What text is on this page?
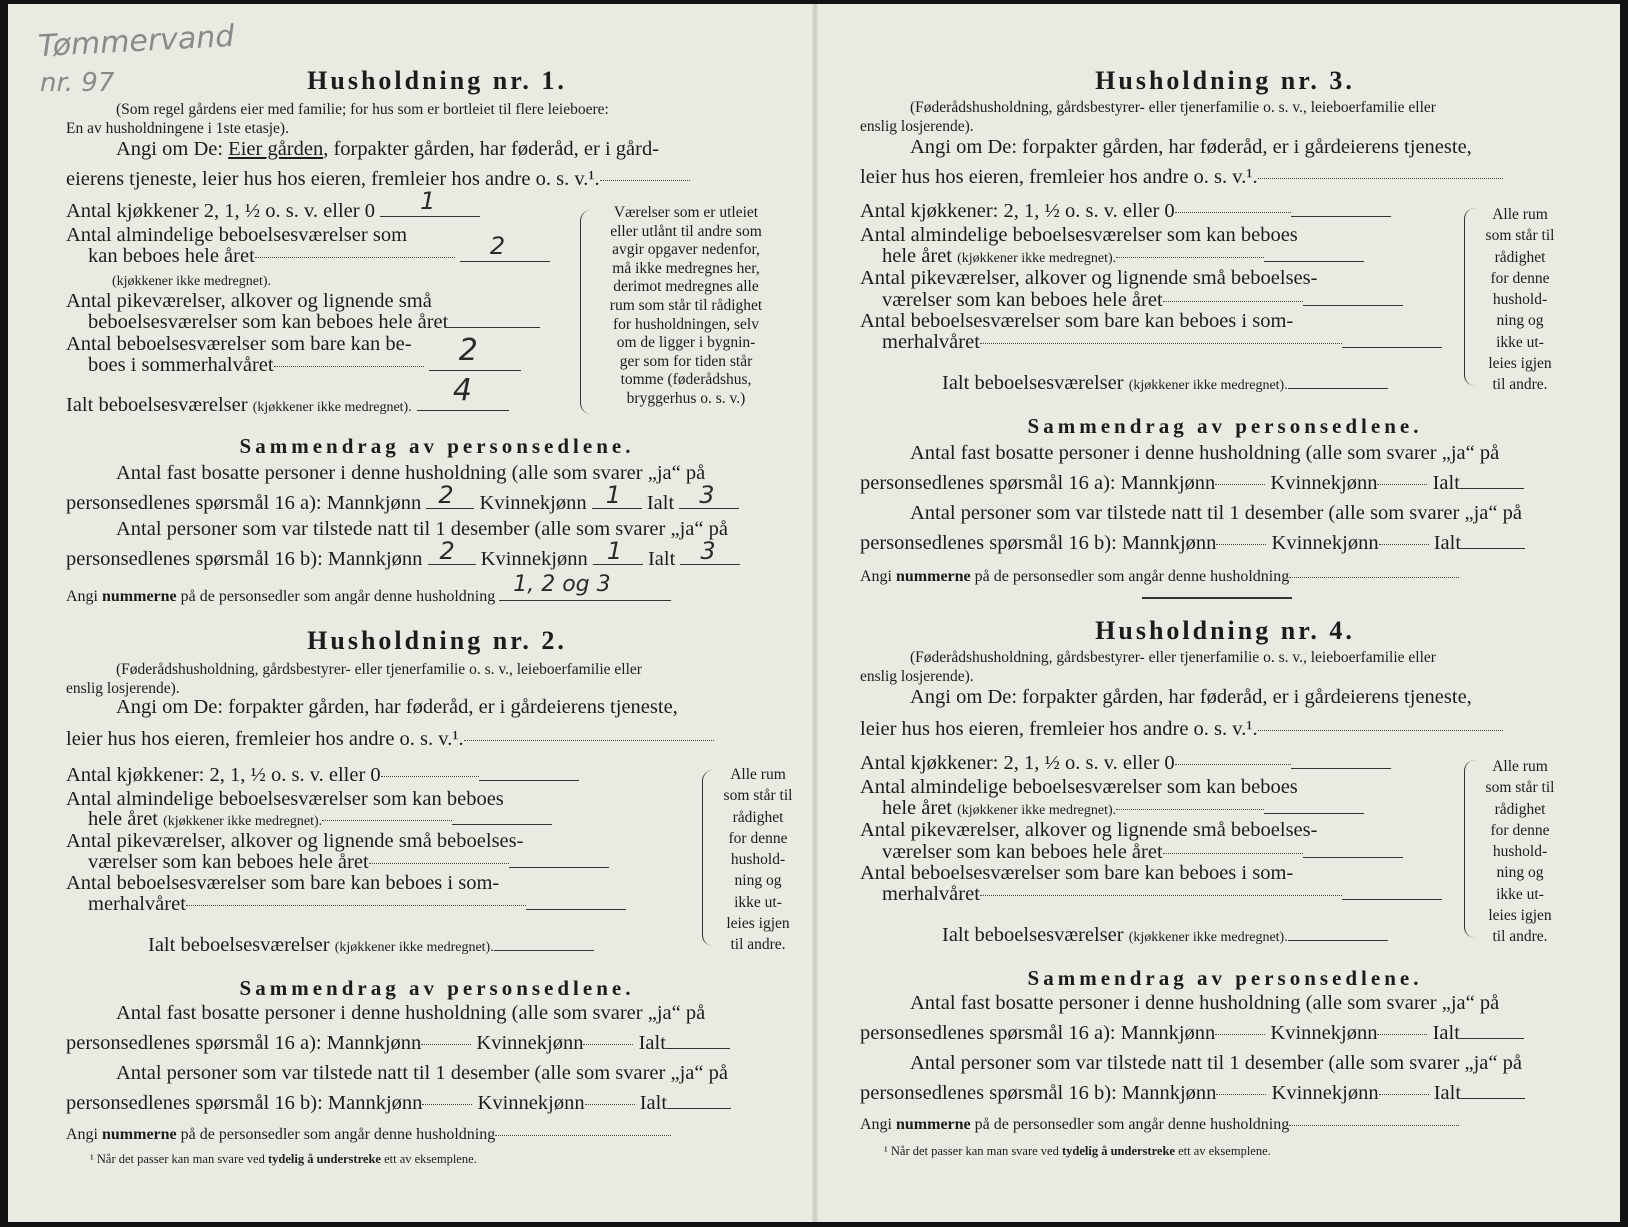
Tømmervand
nr. 97	Husholdning nr. 1.
(Som regel gårdens eier med familie; for hus som er bortleiet til flere leieboere:
En av husholdningene i 1ste etasje).
Angi om De: Eier gården, forpakter gården, har føderåd, er i gård-
eierens tjeneste, leier hus hos eieren, fremleier hos andre o. s. v.¹.
Antal kjøkkener 2, 1, ½ o. s. v. eller 0 1
Antal almindelige beboelsesværelser som
kan beboes hele året	2
(kjøkkener ikke medregnet).
Antal pikeværelser, alkover og lignende små
beboelsesværelser som kan beboes hele året
Antal beboelsesværelser som bare kan be-
boes i sommerhalvåret	2
Ialt beboelsesværelser (kjøkkener ikke medregnet). 4
Værelser som er utleiet
eller utlånt til andre som
avgir opgaver nedenfor,
må ikke medregnes her,
derimot medregnes alle
rum som står til rådighet
for husholdningen, selv
om de ligger i bygnin-
ger som for tiden står
tomme (føderådshus,
bryggerhus o. s. v.)
Sammendrag av personsedlene.
Antal fast bosatte personer i denne husholdning (alle som svarer „ja“ på
personsedlenes spørsmål 16 a): Mannkjønn 2 Kvinnekjønn 1 Ialt 3
Antal personer som var tilstede natt til 1 desember (alle som svarer „ja“ på
personsedlenes spørsmål 16 b): Mannkjønn 2 Kvinnekjønn 1 Ialt 3
Angi nummerne på de personsedler som angår denne husholdning 1, 2 og 3
Husholdning nr. 2.
(Føderådshusholdning, gårdsbestyrer- eller tjenerfamilie o. s. v., leieboerfamilie eller
enslig losjerende).
Angi om De: forpakter gården, har føderåd, er i gårdeierens tjeneste,
leier hus hos eieren, fremleier hos andre o. s. v.¹.
Antal kjøkkener: 2, 1, ½ o. s. v. eller 0
Antal almindelige beboelsesværelser som kan beboes
hele året (kjøkkener ikke medregnet).
Antal pikeværelser, alkover og lignende små beboelses-
værelser som kan beboes hele året
Antal beboelsesværelser som bare kan beboes i som-
merhalvåret
Ialt beboelsesværelser (kjøkkener ikke medregnet).
Alle rum
som står til
rådighet
for denne
hushold-
ning og
ikke ut-
leies igjen
til andre.
Sammendrag av personsedlene.
Antal fast bosatte personer i denne husholdning (alle som svarer „ja“ på
personsedlenes spørsmål 16 a): Mannkjønn	Kvinnekjønn	Ialt
Antal personer som var tilstede natt til 1 desember (alle som svarer „ja“ på
personsedlenes spørsmål 16 b): Mannkjønn	Kvinnekjønn	Ialt
Angi nummerne på de personsedler som angår denne husholdning
¹ Når det passer kan man svare ved tydelig å understreke ett av eksemplene.
Husholdning nr. 3.
(Føderådshusholdning, gårdsbestyrer- eller tjenerfamilie o. s. v., leieboerfamilie eller
enslig losjerende).
Angi om De: forpakter gården, har føderåd, er i gårdeierens tjeneste,
leier hus hos eieren, fremleier hos andre o. s. v.¹.
Antal kjøkkener: 2, 1, ½ o. s. v. eller 0
Antal almindelige beboelsesværelser som kan beboes
hele året (kjøkkener ikke medregnet).
Antal pikeværelser, alkover og lignende små beboelses-
værelser som kan beboes hele året
Antal beboelsesværelser som bare kan beboes i som-
merhalvåret
Ialt beboelsesværelser (kjøkkener ikke medregnet).
Alle rum
som står til
rådighet
for denne
hushold-
ning og
ikke ut-
leies igjen
til andre.
Sammendrag av personsedlene.
Antal fast bosatte personer i denne husholdning (alle som svarer „ja“ på
personsedlenes spørsmål 16 a): Mannkjønn	Kvinnekjønn	Ialt
Antal personer som var tilstede natt til 1 desember (alle som svarer „ja“ på
personsedlenes spørsmål 16 b): Mannkjønn	Kvinnekjønn	Ialt
Angi nummerne på de personsedler som angår denne husholdning
Husholdning nr. 4.
(Føderådshusholdning, gårdsbestyrer- eller tjenerfamilie o. s. v., leieboerfamilie eller
enslig losjerende).
Angi om De: forpakter gården, har føderåd, er i gårdeierens tjeneste,
leier hus hos eieren, fremleier hos andre o. s. v.¹.
Antal kjøkkener: 2, 1, ½ o. s. v. eller 0
Antal almindelige beboelsesværelser som kan beboes
hele året (kjøkkener ikke medregnet).
Antal pikeværelser, alkover og lignende små beboelses-
værelser som kan beboes hele året
Antal beboelsesværelser som bare kan beboes i som-
merhalvåret
Ialt beboelsesværelser (kjøkkener ikke medregnet).
Alle rum
som står til
rådighet
for denne
hushold-
ning og
ikke ut-
leies igjen
til andre.
Sammendrag av personsedlene.
Antal fast bosatte personer i denne husholdning (alle som svarer „ja“ på
personsedlenes spørsmål 16 a): Mannkjønn	Kvinnekjønn	Ialt
Antal personer som var tilstede natt til 1 desember (alle som svarer „ja“ på
personsedlenes spørsmål 16 b): Mannkjønn	Kvinnekjønn	Ialt
Angi nummerne på de personsedler som angår denne husholdning
¹ Når det passer kan man svare ved tydelig å understreke ett av eksemplene.
